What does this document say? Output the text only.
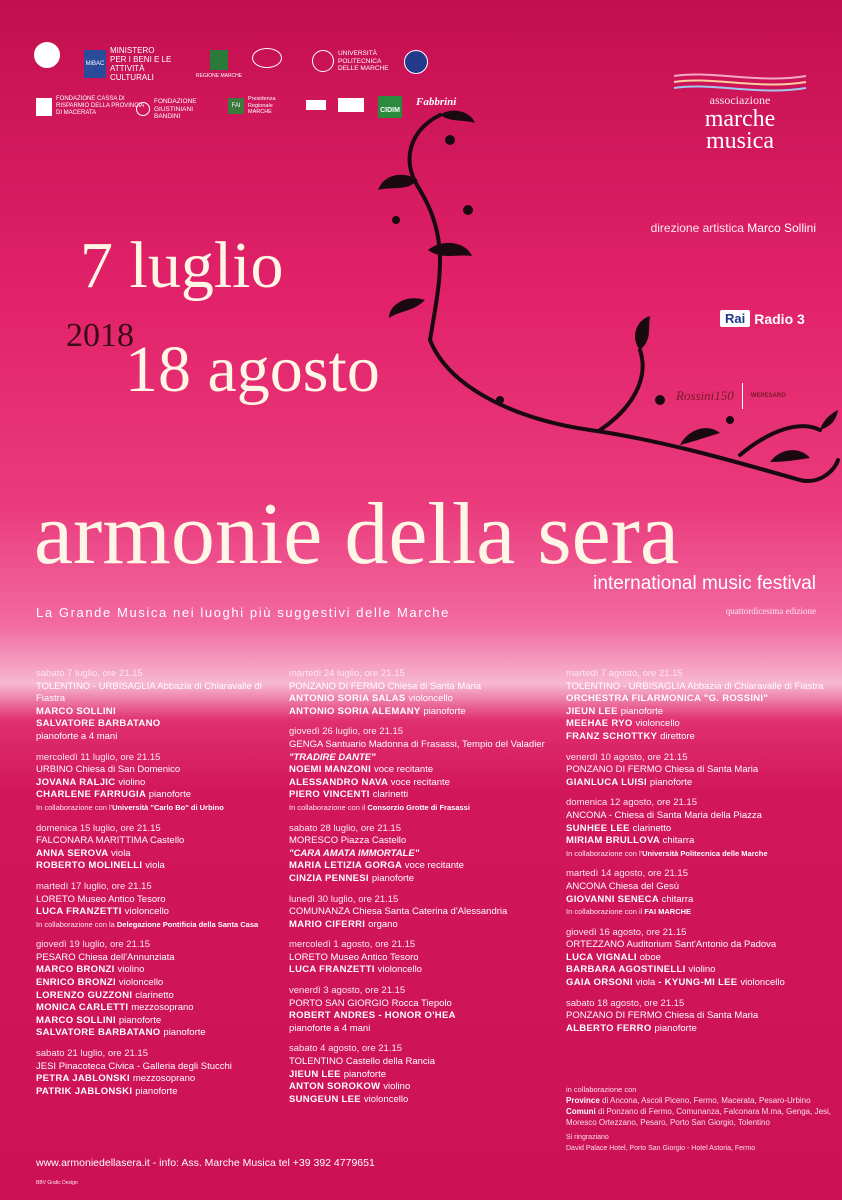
MiBAC
MINISTERO PER I BENI E LE ATTIVITÀ CULTURALI	REGIONE MARCHE
UNIVERSITÀ POLITECNICA DELLE MARCHE
FONDAZIONE CASSA DI RISPARMIO DELLA PROVINCIA DI MACERATA
FONDAZIONE GIUSTINIANI BANDINI
FAI
Presidenza Regionale MARCHE	CIDIM
Fabbrini	associazione
marche
musica
direzione artistica Marco Sollini
Rai Radio 3
Rossini150	WEPESARO
7 luglio
2018
18 agosto
armonie della sera
international music festival
La Grande Musica nei luoghi più suggestivi delle Marche	quattordicesima edizione
sabato 7 luglio, ore 21.15
TOLENTINO - URBISAGLIA Abbazia di Chiaravalle di Fiastra
MARCO SOLLINI
SALVATORE BARBATANO
pianoforte a 4 mani
mercoledì 11 luglio, ore 21.15
URBINO Chiesa di San Domenico
JOVANA RALJIC violino
CHARLENE FARRUGIA pianoforte
In collaborazione con l'Università "Carlo Bo" di Urbino
domenica 15 luglio, ore 21.15
FALCONARA MARITTIMA Castello
ANNA SEROVA viola
ROBERTO MOLINELLI viola
martedì 17 luglio, ore 21.15
LORETO Museo Antico Tesoro
LUCA FRANZETTI violoncello
In collaborazione con la Delegazione Pontificia della Santa Casa
giovedì 19 luglio, ore 21.15
PESARO Chiesa dell'Annunziata
MARCO BRONZI violino
ENRICO BRONZI violoncello
LORENZO GUZZONI clarinetto
MONICA CARLETTI mezzosoprano
MARCO SOLLINI pianoforte
SALVATORE BARBATANO pianoforte
sabato 21 luglio, ore 21.15
JESI Pinacoteca Civica - Galleria degli Stucchi
PETRA JABLONSKI mezzosoprano
PATRIK JABLONSKI pianoforte
martedì 24 luglio, ore 21.15
PONZANO DI FERMO Chiesa di Santa Maria
ANTONIO SORIA SALAS violoncello
ANTONIO SORIA ALEMANY pianoforte
giovedì 26 luglio, ore 21.15
GENGA Santuario Madonna di Frasassi, Tempio del Valadier
"TRADIRE DANTE"
NOEMI MANZONI voce recitante
ALESSANDRO NAVA voce recitante
PIERO VINCENTI clarinetti
In collaborazione con il Consorzio Grotte di Frasassi
sabato 28 luglio, ore 21.15
MORESCO Piazza Castello
"CARA AMATA IMMORTALE"
MARIA LETIZIA GORGA voce recitante
CINZIA PENNESI pianoforte
lunedì 30 luglio, ore 21.15
COMUNANZA Chiesa Santa Caterina d'Alessandria
MARIO CIFERRI organo
mercoledì 1 agosto, ore 21.15
LORETO Museo Antico Tesoro
LUCA FRANZETTI violoncello
venerdì 3 agosto, ore 21.15
PORTO SAN GIORGIO Rocca Tiepolo
ROBERT ANDRES - HONOR O'HEA
pianoforte a 4 mani
sabato 4 agosto, ore 21.15
TOLENTINO Castello della Rancia
JIEUN LEE pianoforte
ANTON SOROKOW violino
SUNGEUN LEE violoncello
martedì 7 agosto, ore 21.15
TOLENTINO - URBISAGLIA Abbazia di Chiaravalle di Fiastra
ORCHESTRA FILARMONICA "G. ROSSINI"
JIEUN LEE pianoforte
MEEHAE RYO violoncello
FRANZ SCHOTTKY direttore
venerdì 10 agosto, ore 21.15
PONZANO DI FERMO Chiesa di Santa Maria
GIANLUCA LUISI pianoforte
domenica 12 agosto, ore 21.15
ANCONA - Chiesa di Santa Maria della Piazza
SUNHEE LEE clarinetto
MIRIAM BRULLOVA chitarra
In collaborazione con l'Università Politecnica delle Marche
martedì 14 agosto, ore 21.15
ANCONA Chiesa del Gesù
GIOVANNI SENECA chitarra
In collaborazione con il FAI MARCHE
giovedì 16 agosto, ore 21.15
ORTEZZANO Auditorium Sant'Antonio da Padova
LUCA VIGNALI oboe
BARBARA AGOSTINELLI violino
GAIA ORSONI viola - KYUNG-MI LEE violoncello
sabato 18 agosto, ore 21.15
PONZANO DI FERMO Chiesa di Santa Maria
ALBERTO FERRO pianoforte
in collaborazione con
Province di Ancona, Ascoli Piceno, Fermo, Macerata, Pesaro-Urbino
Comuni di Ponzano di Fermo, Comunanza, Falconara M.ma, Genga, Jesi, Moresco Ortezzano, Pesaro, Porto San Giorgio, Tolentino
Si ringraziano
David Palace Hotel, Porto San Giorgio - Hotel Astoria, Fermo
www.armoniedellasera.it - info: Ass. Marche Musica tel +39 392 4779651
BBV Grafic Design
